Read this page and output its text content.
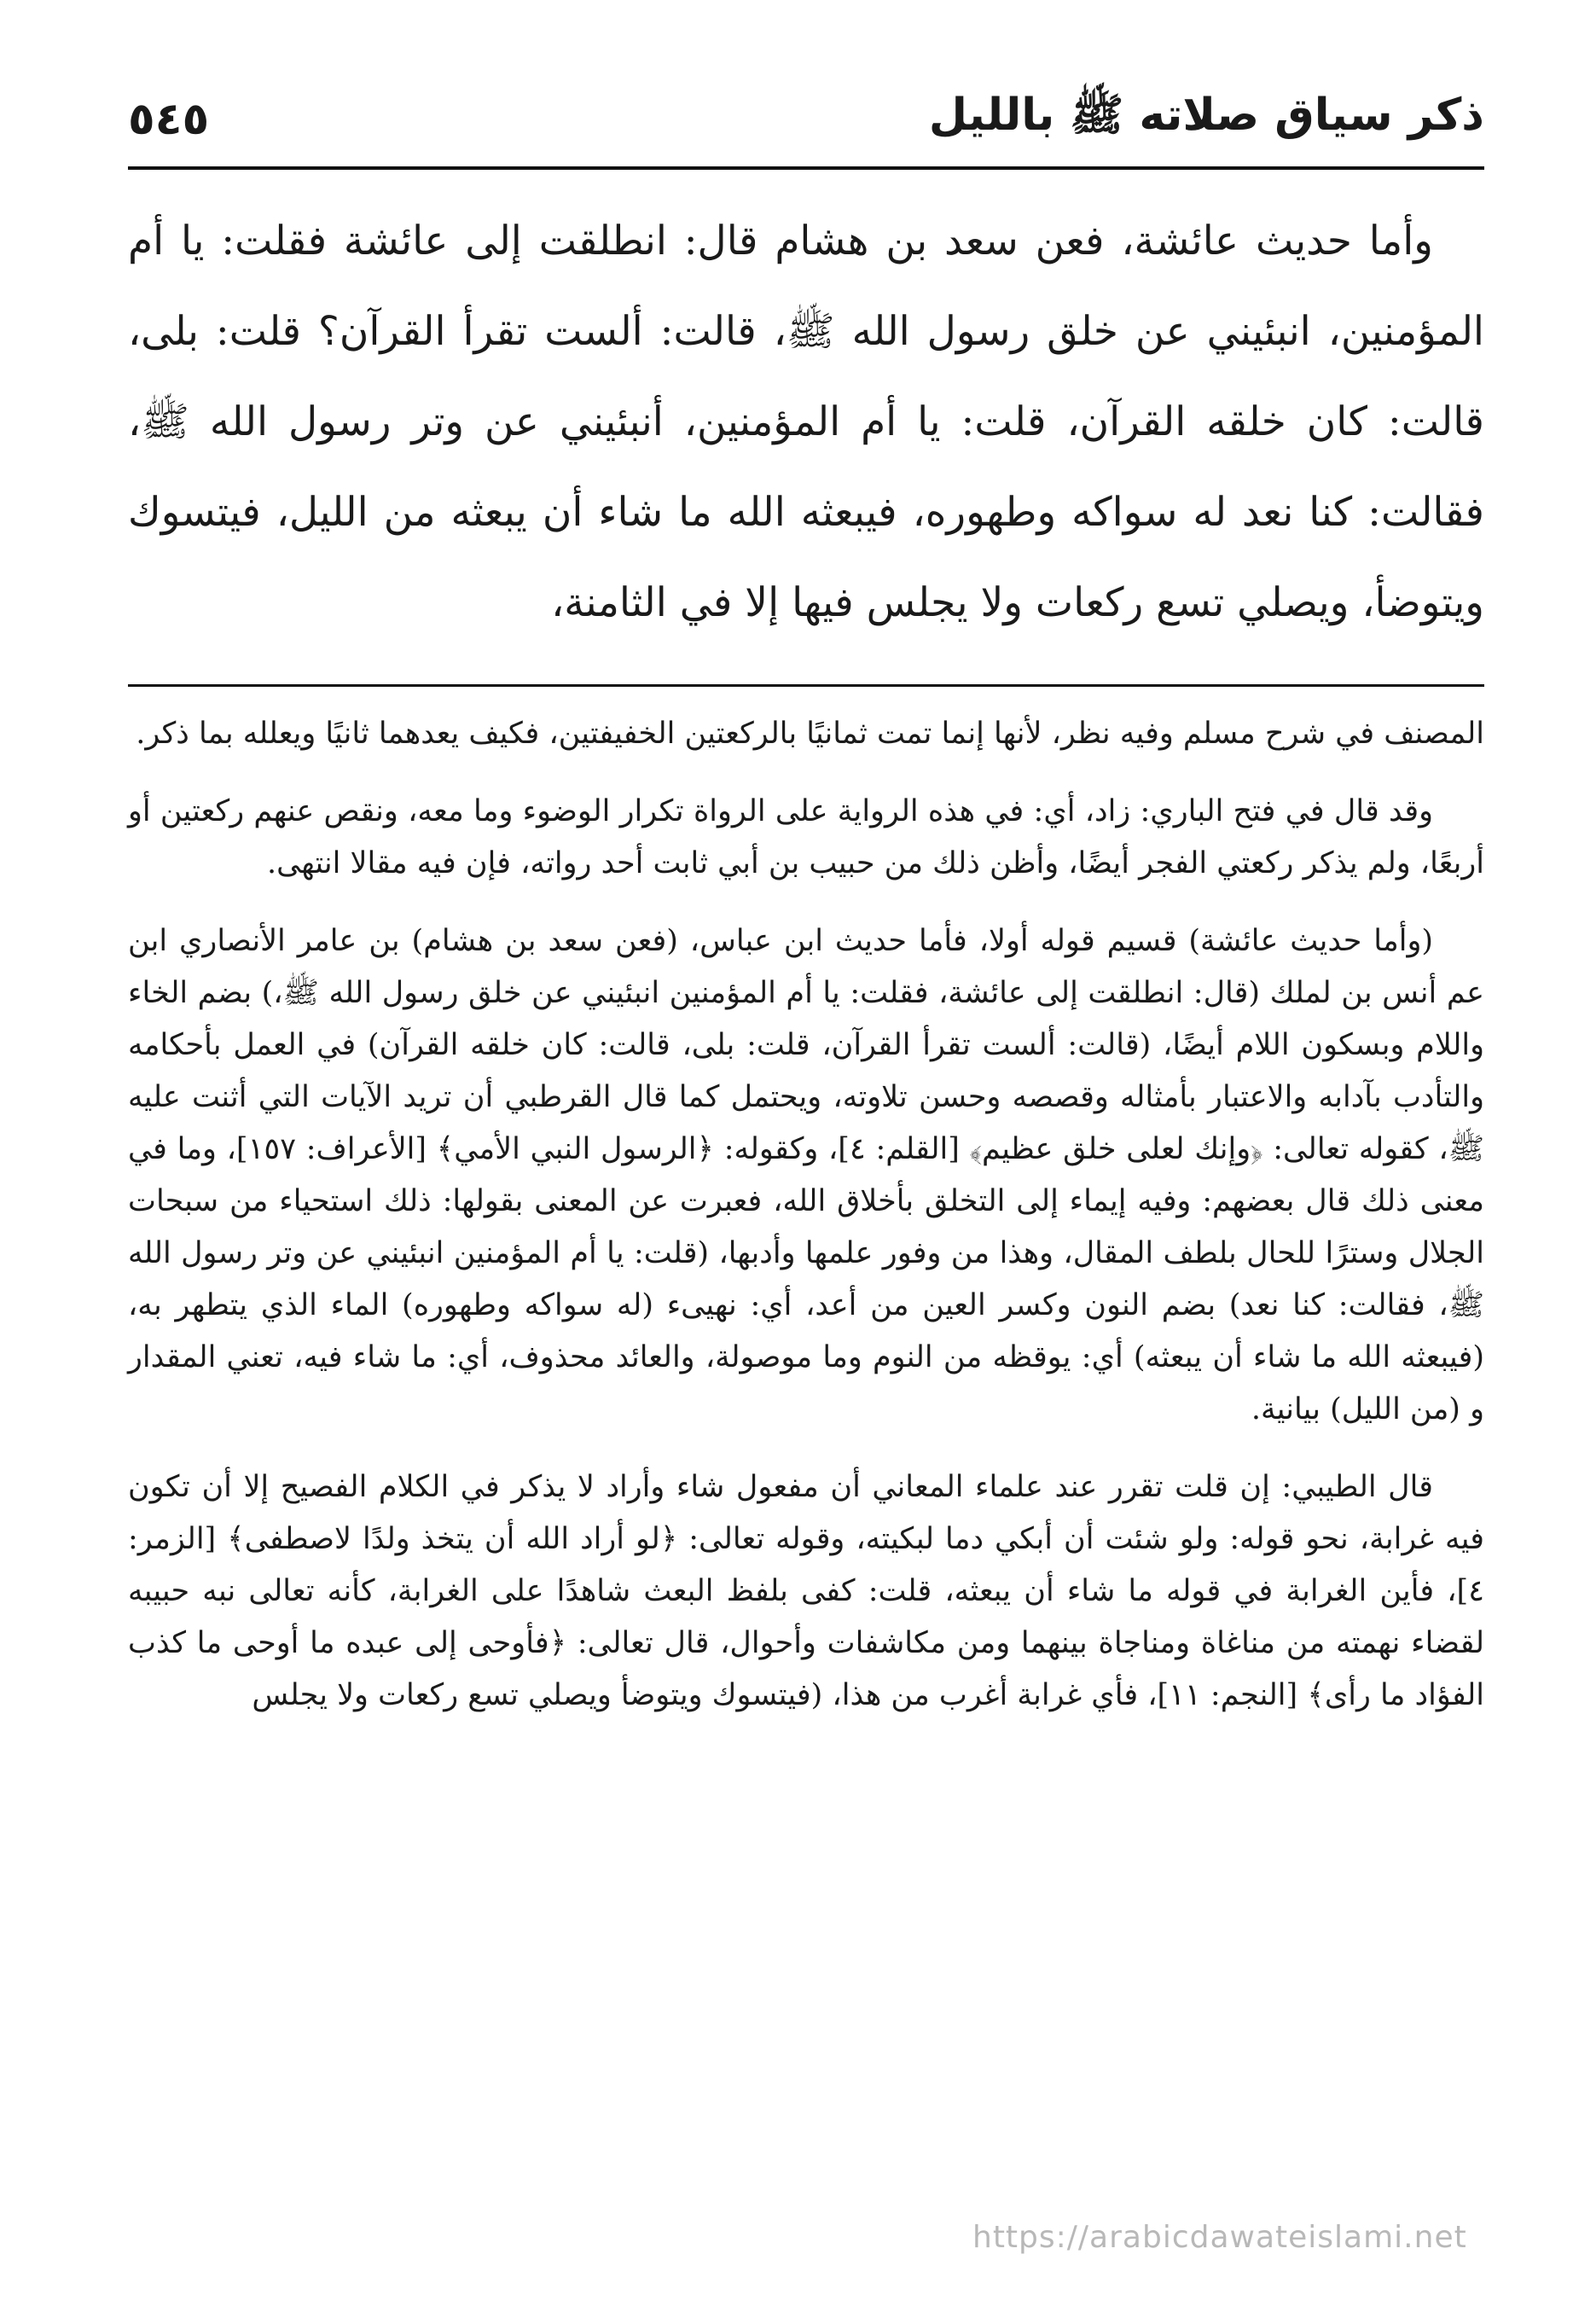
ذكر سياق صلاته ﷺ بالليل
٥٤٥

وأما حديث عائشة، فعن سعد بن هشام قال: انطلقت إلى عائشة فقلت: يا أم المؤمنين، انبئيني عن خلق رسول الله ﷺ، قالت: ألست تقرأ القرآن؟ قلت: بلى، قالت: كان خلقه القرآن، قلت: يا أم المؤمنين، أنبئيني عن وتر رسول الله ﷺ، فقالت: كنا نعد له سواكه وطهوره، فيبعثه الله ما شاء أن يبعثه من الليل، فيتسوك ويتوضأ، ويصلي تسع ركعات ولا يجلس فيها إلا في الثامنة،

المصنف في شرح مسلم وفيه نظر، لأنها إنما تمت ثمانيًا بالركعتين الخفيفتين، فكيف يعدهما ثانيًا ويعلله بما ذكر.

وقد قال في فتح الباري: زاد، أي: في هذه الرواية على الرواة تكرار الوضوء وما معه، ونقص عنهم ركعتين أو أربعًا، ولم يذكر ركعتي الفجر أيضًا، وأظن ذلك من حبيب بن أبي ثابت أحد رواته، فإن فيه مقالا انتهى.

(وأما حديث عائشة) قسيم قوله أولا، فأما حديث ابن عباس، (فعن سعد بن هشام) بن عامر الأنصاري ابن عم أنس بن لملك (قال: انطلقت إلى عائشة، فقلت: يا أم المؤمنين انبئيني عن خلق رسول الله ﷺ،) بضم الخاء واللام وبسكون اللام أيضًا، (قالت: ألست تقرأ القرآن، قلت: بلى، قالت: كان خلقه القرآن) في العمل بأحكامه والتأدب بآدابه والاعتبار بأمثاله وقصصه وحسن تلاوته، ويحتمل كما قال القرطبي أن تريد الآيات التي أثنت عليه ﷺ، كقوله تعالى: ﴿وإنك لعلى خلق عظيم﴾ [القلم: ٤]، وكقوله: ﴿الرسول النبي الأمي﴾ [الأعراف: ١٥٧]، وما في معنى ذلك قال بعضهم: وفيه إيماء إلى التخلق بأخلاق الله، فعبرت عن المعنى بقولها: ذلك استحياء من سبحات الجلال وسترًا للحال بلطف المقال، وهذا من وفور علمها وأدبها، (قلت: يا أم المؤمنين انبئيني عن وتر رسول الله ﷺ، فقالت: كنا نعد) بضم النون وكسر العين من أعد، أي: نهيىء (له سواكه وطهوره) الماء الذي يتطهر به، (فيبعثه الله ما شاء أن يبعثه) أي: يوقظه من النوم وما موصولة، والعائد محذوف، أي: ما شاء فيه، تعني المقدار و (من الليل) بيانية.

قال الطيبي: إن قلت تقرر عند علماء المعاني أن مفعول شاء وأراد لا يذكر في الكلام الفصيح إلا أن تكون فيه غرابة، نحو قوله: ولو شئت أن أبكي دما لبكيته، وقوله تعالى: ﴿لو أراد الله أن يتخذ ولدًا لاصطفى﴾ [الزمر: ٤]، فأين الغرابة في قوله ما شاء أن يبعثه، قلت: كفى بلفظ البعث شاهدًا على الغرابة، كأنه تعالى نبه حبيبه لقضاء نهمته من مناغاة ومناجاة بينهما ومن مكاشفات وأحوال، قال تعالى: ﴿فأوحى إلى عبده ما أوحى ما كذب الفؤاد ما رأى﴾ [النجم: ١١]، فأي غرابة أغرب من هذا، (فيتسوك ويتوضأ ويصلي تسع ركعات ولا يجلس

https://arabicdawateislami.net
